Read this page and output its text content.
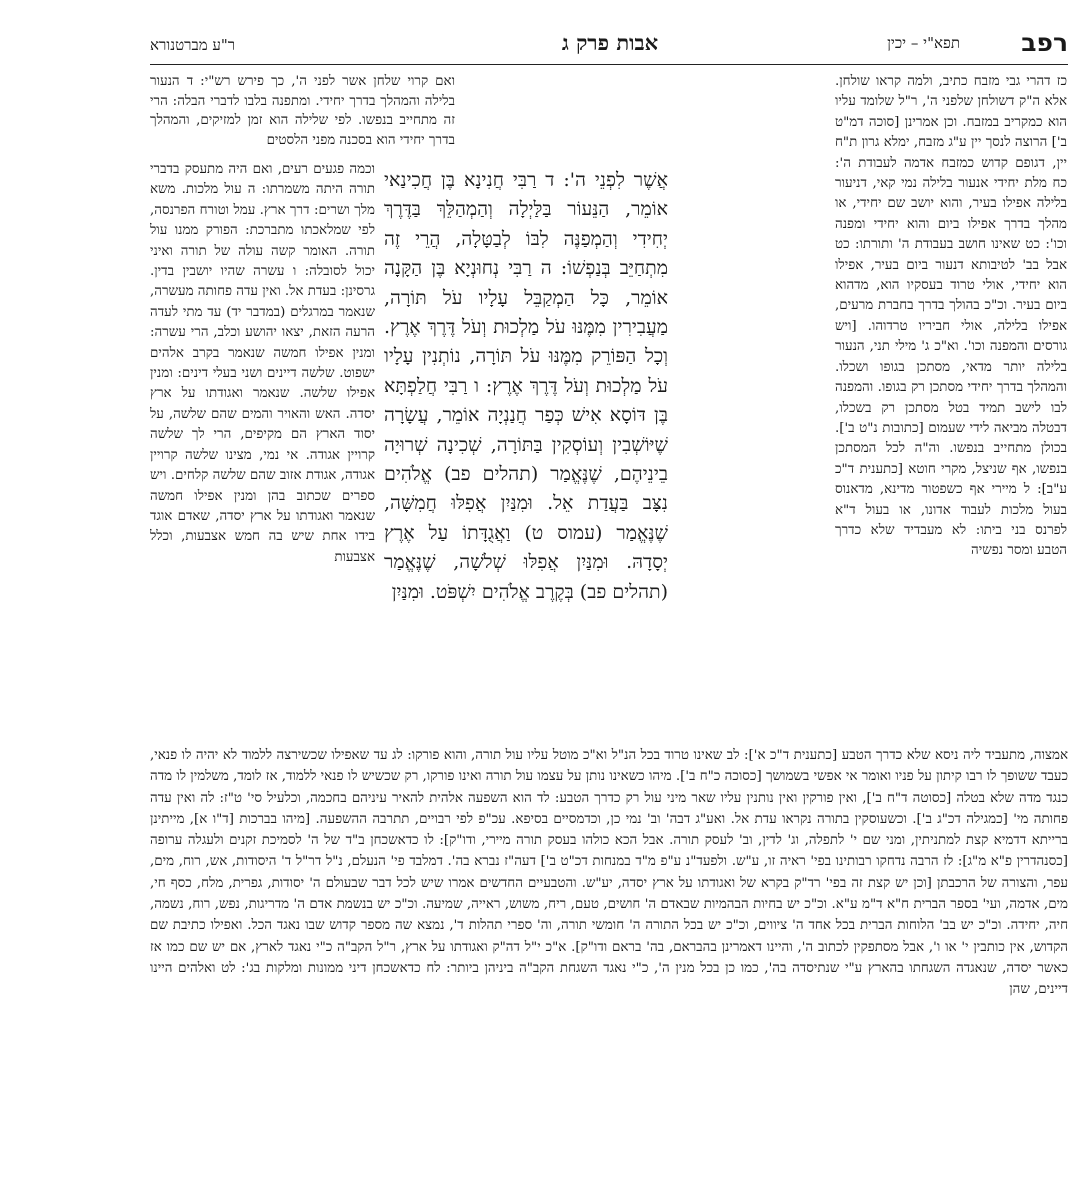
רפב
תפא"י – יכין
אבות פרק ג
ר"ע מברטנורא
כז דהרי גבי מזבח כתיב, ולמה קראו שולחן. אלא ה"ק דשולחן שלפני ה', ר"ל שלומד עליו הוא כמקריב במזבח. וכן אמרינן [סוכה דמ"ט ב'] הרוצה לנסך יין ע"ג מזבח, ימלא גרון ת"ח יין, דגופם קדוש כמזבח אדמה לעבודת ה': כח מלת יחידי אנעור בלילה נמי קאי, דניעור בלילה אפילו בעיר, והוא יושב שם יחידי, או מהלך בדרך אפילו ביום והוא יחידי ומפנה וכו': כט שאינו חושב בעבודת ה' ותורתו: כט אבל בב' לטיבותא דנעור ביום בעיר, אפילו הוא יחידי, אולי טרוד בעסקיו הוא, מדהוא ביום בעיר. וכ"כ בהולך בדרך בחברת מרעים, אפילו בלילה, אולי חביריו טרדוהו. [ויש גורסים והמפנה וכו'. וא"כ ג' מילי תני, הנעור בלילה יותר מדאי, מסתכן בגופו ושכלו. והמהלך בדרך יחידי מסתכן רק בגופו. והמפנה לבו לישב תמיד בטל מסתכן רק בשכלו, דבטלה מביאה לידי שעמום [כתובות נ"ט ב']. בכולן מתחייב בנפשו. וה"ה לכל המסתכן בנפשו, אף שניצל, מקרי חוטא [כתענית ד"כ ע"ב]: ל מיירי אף כשפטור מדינא, מדאנוס בעול מלכות לעבוד אדונו, או בעול ד"א לפרנס בני ביתו: לא מעבדיד שלא כדרך הטבע ומסר נפשיה
ואם קרוי שלחן אשר לפני ה', כך פירש רש"י: ד הנעור בלילה והמהלך בדרך יחידי. ומתפנה בלבו לדברי הבלה: הרי זה מתחייב בנפשו. לפי שלילה הוא זמן למזיקים, והמהלך בדרך יחידי הוא בסכנה מפני הלסטים
וכמה פגעים רעים, ואם היה מתעסק בדברי תורה היתה משמרתו: ה עול מלכות. משא מלך ושרים: דרך ארץ. עמל וטורח הפרנסה, לפי שמלאכתו מתברכת: הפורק ממנו עול תורה. האומר קשה עולה של תורה ואיני יכול לסובלה: ו עשרה שהיו יושבין בדין. גרסינן: בעדת אל. ואין עדה פחותה מעשרה, שנאמר במרגלים (במדבר יד) עד מתי לעדה הרעה הזאת, יצאו יהושע וכלב, הרי עשרה: ומנין אפילו חמשה שנאמר בקרב אלהים ישפוט. שלשה דיינים ושני בעלי דינים: ומנין אפילו שלשה. שנאמר ואגודתו על ארץ יסדה. האש והאויר והמים שהם שלשה, על יסוד הארץ הם מקיפים, הרי לך שלשה קרויין אגודה. אי נמי, מצינו שלשה קרויין אגודה, אגודת אזוב שהם שלשה קלחים. ויש ספרים שכתוב בהן ומנין אפילו חמשה שנאמר ואגודתו על ארץ יסדה, שאדם אוגד בידו אחת שיש בה חמש אצבעות, וכלל אצבעות
אֲשֶׁר לִפְנֵי ה': ד רַבִּי חֲנִינָא בֶּן חֲכִינַאי אוֹמֵר, הַנֵּעוֹר בַּלַּיְלָה וְהַמְהַלֵּךְ בַּדֶּרֶךְ יְחִידִי וְהַמְפַנֶּה לִבּוֹ לְבַטָּלָה, הֲרֵי זֶה מִתְחַיֵּב בְּנַפְשׁוֹ: ה רַבִּי נְחוּנְיָא בֶּן הַקָּנָה אוֹמֵר, כָּל הַמְקַבֵּל עָלָיו עֹל תּוֹרָה, מַעֲבִירִין מִמֶּנּוּ עֹל מַלְכוּת וְעֹל דֶּרֶךְ אֶרֶץ. וְכָל הַפּוֹרֵק מִמֶּנּוּ עֹל תּוֹרָה, נוֹתְנִין עָלָיו עֹל מַלְכוּת וְעֹל דֶּרֶךְ אֶרֶץ: ו רַבִּי חֲלַפְתָּא בֶּן דּוֹסָא אִישׁ כְּפַר חֲנַנְיָה אוֹמֵר, עֲשָׂרָה שֶׁיּוֹשְׁבִין וְעוֹסְקִין בַּתּוֹרָה, שְׁכִינָה שְׁרוּיָה בֵינֵיהֶם, שֶׁנֶּאֱמַר (תהלים פב) אֱלֹהִים נִצָּב בַּעֲדַת אֵל. וּמִנַּיִן אֲפִלּוּ חֲמִשָּׁה, שֶׁנֶּאֱמַר (עמוס ט) וַאֲגֻדָּתוֹ עַל אֶרֶץ יְסָדָהּ. וּמִנַּיִן אֲפִלּוּ שְׁלֹשָׁה, שֶׁנֶּאֱמַר (תהלים פב) בְּקֶרֶב אֱלֹהִים יִשְׁפֹּט. וּמִנַּיִן
אמצוה, מתעביד ליה ניסא שלא כדרך הטבע [כתענית ד"כ א']: לב שאינו טרוד בכל הנ"ל וא"כ מוטל עליו עול תורה, והוא פורקו: לג עד שאפילו שכשירצה ללמוד לא יהיה לו פנאי, כעבד ששופך לו רבו קיתון על פניו ואומר אי אפשי בשמושך [כסוכה כ"ח ב']. מיהו כשאינו נותן על עצמו עול תורה ואינו פורקו, רק שכשיש לו פנאי ללמוד, אז לומד, משלמין לו מדה כנגד מדה שלא בטלה [כסוטה ד"ח ב'], ואין פורקין ואין נותנין עליו שאר מיני עול רק כדרך הטבע: לד הוא השפעה אלהית להאיר עיניהם בחכמה, וכלעיל סי' ט"ז: לה ואין עדה פחותה מי' [כמגילה דכ"ג ב']. וכשעוסקין בתורה נקראו עדת אל. ואע"ג דבה' וב' נמי כן, וכדמסיים בסיפא. עכ"פ לפי רבויים, תתרבה ההשפעה. [מיהו בברכות [ד"ו א], מייתינן ברייתא דדמיא קצת למתניתין, ומני שם י' לתפלה, וג' לדין, וב' לעסק תורה. אבל הכא כולהו בעסק תורה מיירי, ודו"ק]: לו כדאשכחן ב"ד של ה' לסמיכת זקנים ולעגלה ערופה [כסנהדרין פ"א מ"ג]: לז הרבה נדחקו רבותינו בפי' ראיה זו, ע"ש. ולפעד"נ ע"פ מ"ד במנחות דכ"ט ב'] דעה"ז נברא בה'. דמלבד פי' הנעלם, נ"ל דר"ל ד' היסודות, אש, רוח, מים, עפר, והצורה של הרכבתן [וכן יש קצת זה בפי' רד"ק בקרא של ואגודתו על ארץ יסדה, יע"ש. והטבעיים החדשים אמרו שיש לכל דבר שבעולם ה' יסודות, גפרית, מלח, כסף חי, מים, אדמה, ועי' בספר הברית ח"א ד"מ ע"א. וכ"כ יש בחיות הבהמיות שבאדם ה' חושים, טעם, ריח, משוש, ראייה, שמיעה. וכ"כ יש בנשמת אדם ה' מדריגות, נפש, רוח, נשמה, חיה, יחידה. וכ"כ יש בב' הלוחות הברית בכל אחד ה' ציווים, וכ"כ יש בכל התורה ה' חומשי תורה, וה' ספרי תהלות ד', נמצא שה מספר קדוש שבו נאגד הכל. ואפילו כתיבת שם הקדוש, אין כותבין י' או ו', אבל מסתפקין לכתוב ה', והיינו דאמרינן בהבראם, בה' בראם ודו"ק]. א"כ י"ל דה"ק ואגודתו על ארץ, ר"ל הקב"ה כ"י נאגד לארץ, אם יש שם כמו אז כאשר יסדה, שנאגדה השגחתו בהארץ ע"י שנתיסדה בה', כמו כן בכל מנין ה', כ"י נאגד השגחת הקב"ה ביניהן ביותר: לח כדאשכחן דיני ממונות ומלקות בג': לט ואלהים היינו דיינים, שהן
